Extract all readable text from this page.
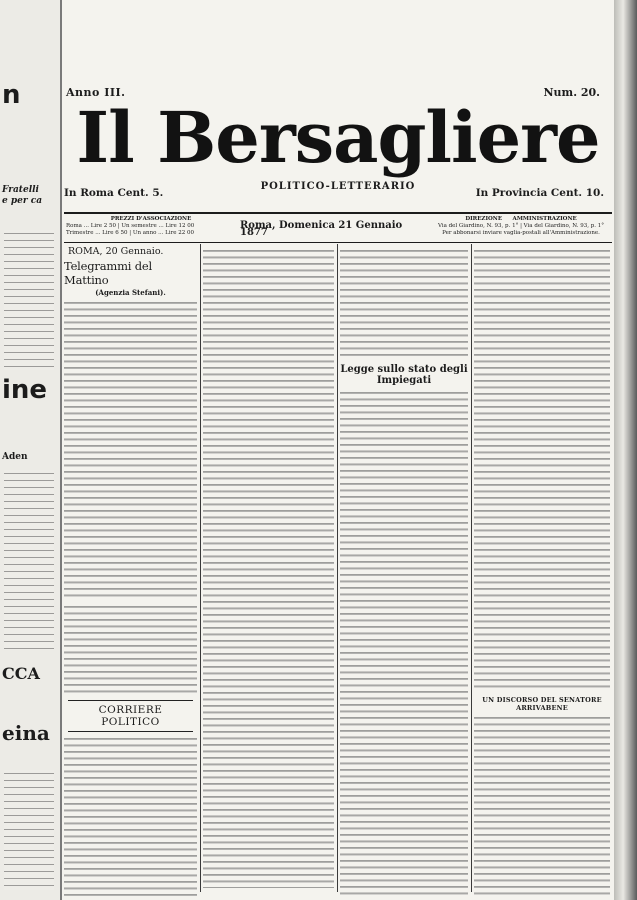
n
Fratelli
e per ca
ine
Aden
CCA
eina
Anno III.	Num. 20.
Il Bersagliere
POLITICO-LETTERARIO
In Roma Cent. 5.	In Provincia Cent. 10.
PREZZI D'ASSOCIAZIONE
Roma ... Lire 2 50 | Un semestre ... Lire 12 00
Trimestre ... Lire 6 50 | Un anno ... Lire 22 00
Roma, Domenica 21 Gennaio 1877
DIREZIONE AMMINISTRAZIONE
Via del Giardino, N. 93, p. 1° | Via del Giardino, N. 93, p. 1°
Per abbonarsi inviare vaglia-postali all'Amministrazione.
ROMA, 20 Gennaio.
Telegrammi del Mattino
(Agenzia Stefani).
CORRIERE POLITICO
Legge sullo stato degli Impiegati
UN DISCORSO DEL SENATORE ARRIVABENE
